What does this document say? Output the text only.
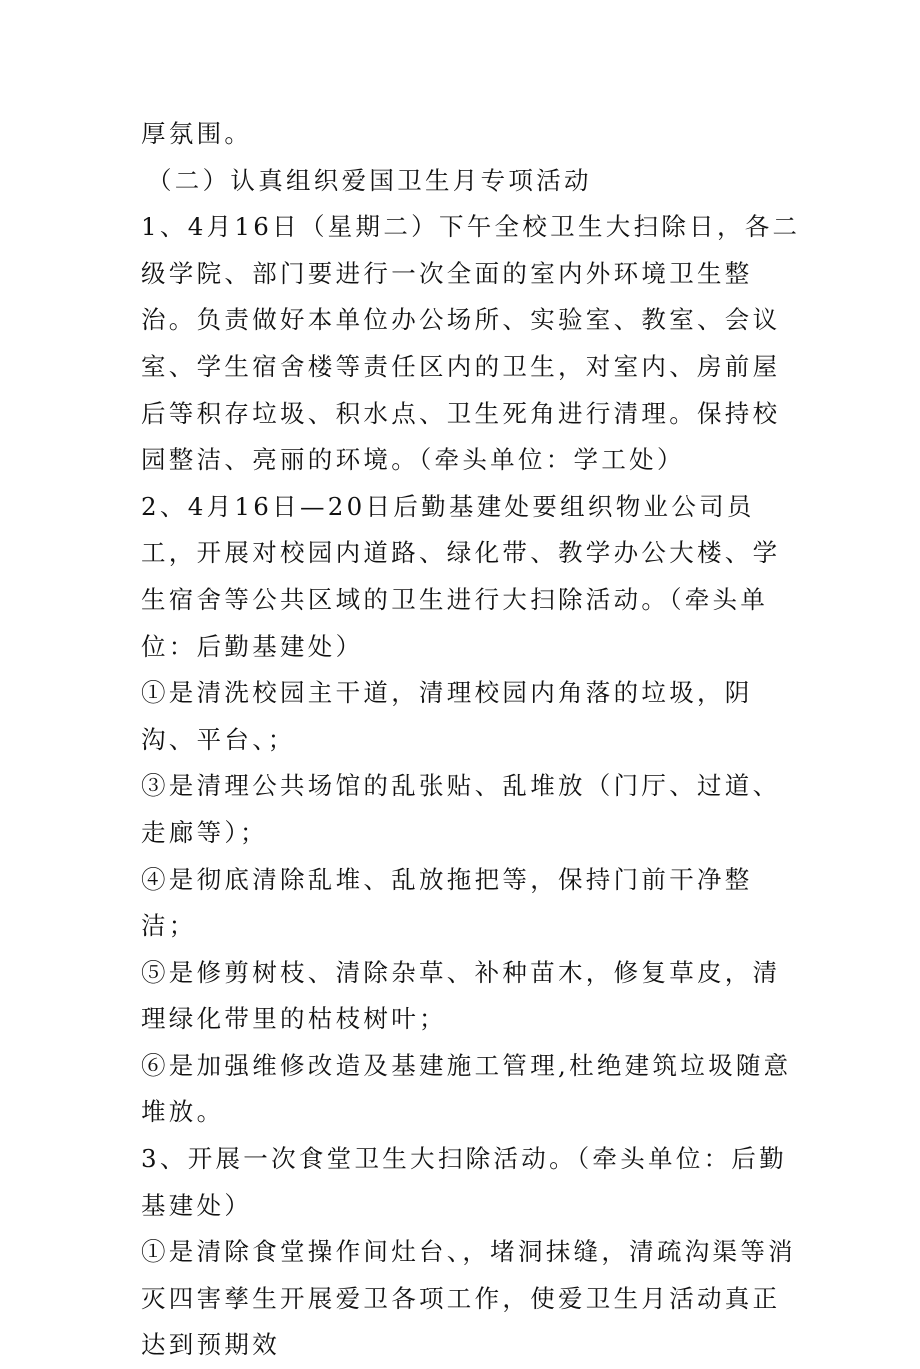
厚氛围。

（二）认真组织爱国卫生月专项活动

1、4月16日（星期二）下午全校卫生大扫除日，各二级学院、部门要进行一次全面的室内外环境卫生整治。负责做好本单位办公场所、实验室、教室、会议室、学生宿舍楼等责任区内的卫生，对室内、房前屋后等积存垃圾、积水点、卫生死角进行清理。保持校园整洁、亮丽的环境。（牵头单位：学工处）

2、4月16日—20日后勤基建处要组织物业公司员工，开展对校园内道路、绿化带、教学办公大楼、学生宿舍等公共区域的卫生进行大扫除活动。（牵头单位：后勤基建处）

①是清洗校园主干道，清理校园内角落的垃圾，阴沟、平台、；

③是清理公共场馆的乱张贴、乱堆放（门厅、过道、走廊等）；

④是彻底清除乱堆、乱放拖把等，保持门前干净整洁；

⑤是修剪树枝、清除杂草、补种苗木，修复草皮，清理绿化带里的枯枝树叶；

⑥是加强维修改造及基建施工管理,杜绝建筑垃圾随意堆放。

3、开展一次食堂卫生大扫除活动。（牵头单位：后勤基建处）

①是清除食堂操作间灶台、，堵洞抹缝，清疏沟渠等消灭四害孳生开展爱卫各项工作，使爱卫生月活动真正达到预期效
